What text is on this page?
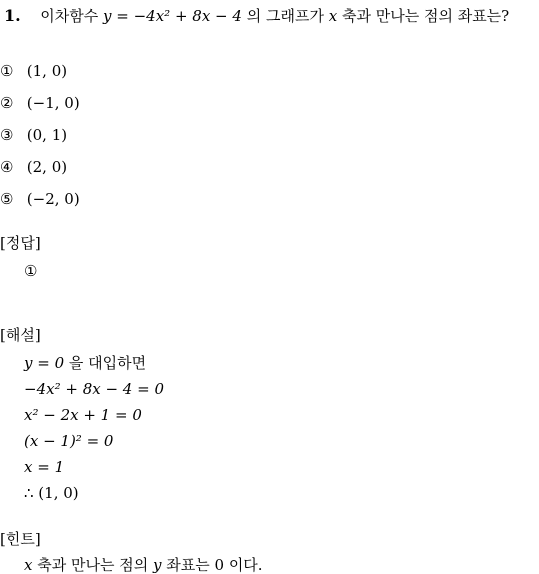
1. 이차함수 y = −4x² + 8x − 4 의 그래프가 x 축과 만나는 점의 좌표는?
① (1, 0)
② (−1, 0)
③ (0, 1)
④ (2, 0)
⑤ (−2, 0)
[정답]
①
[해설]
y = 0 을 대입하면
−4x² + 8x − 4 = 0
x² − 2x + 1 = 0
(x − 1)² = 0
x = 1
∴ (1, 0)
[힌트]
x 축과 만나는 점의 y 좌표는 0 이다.
